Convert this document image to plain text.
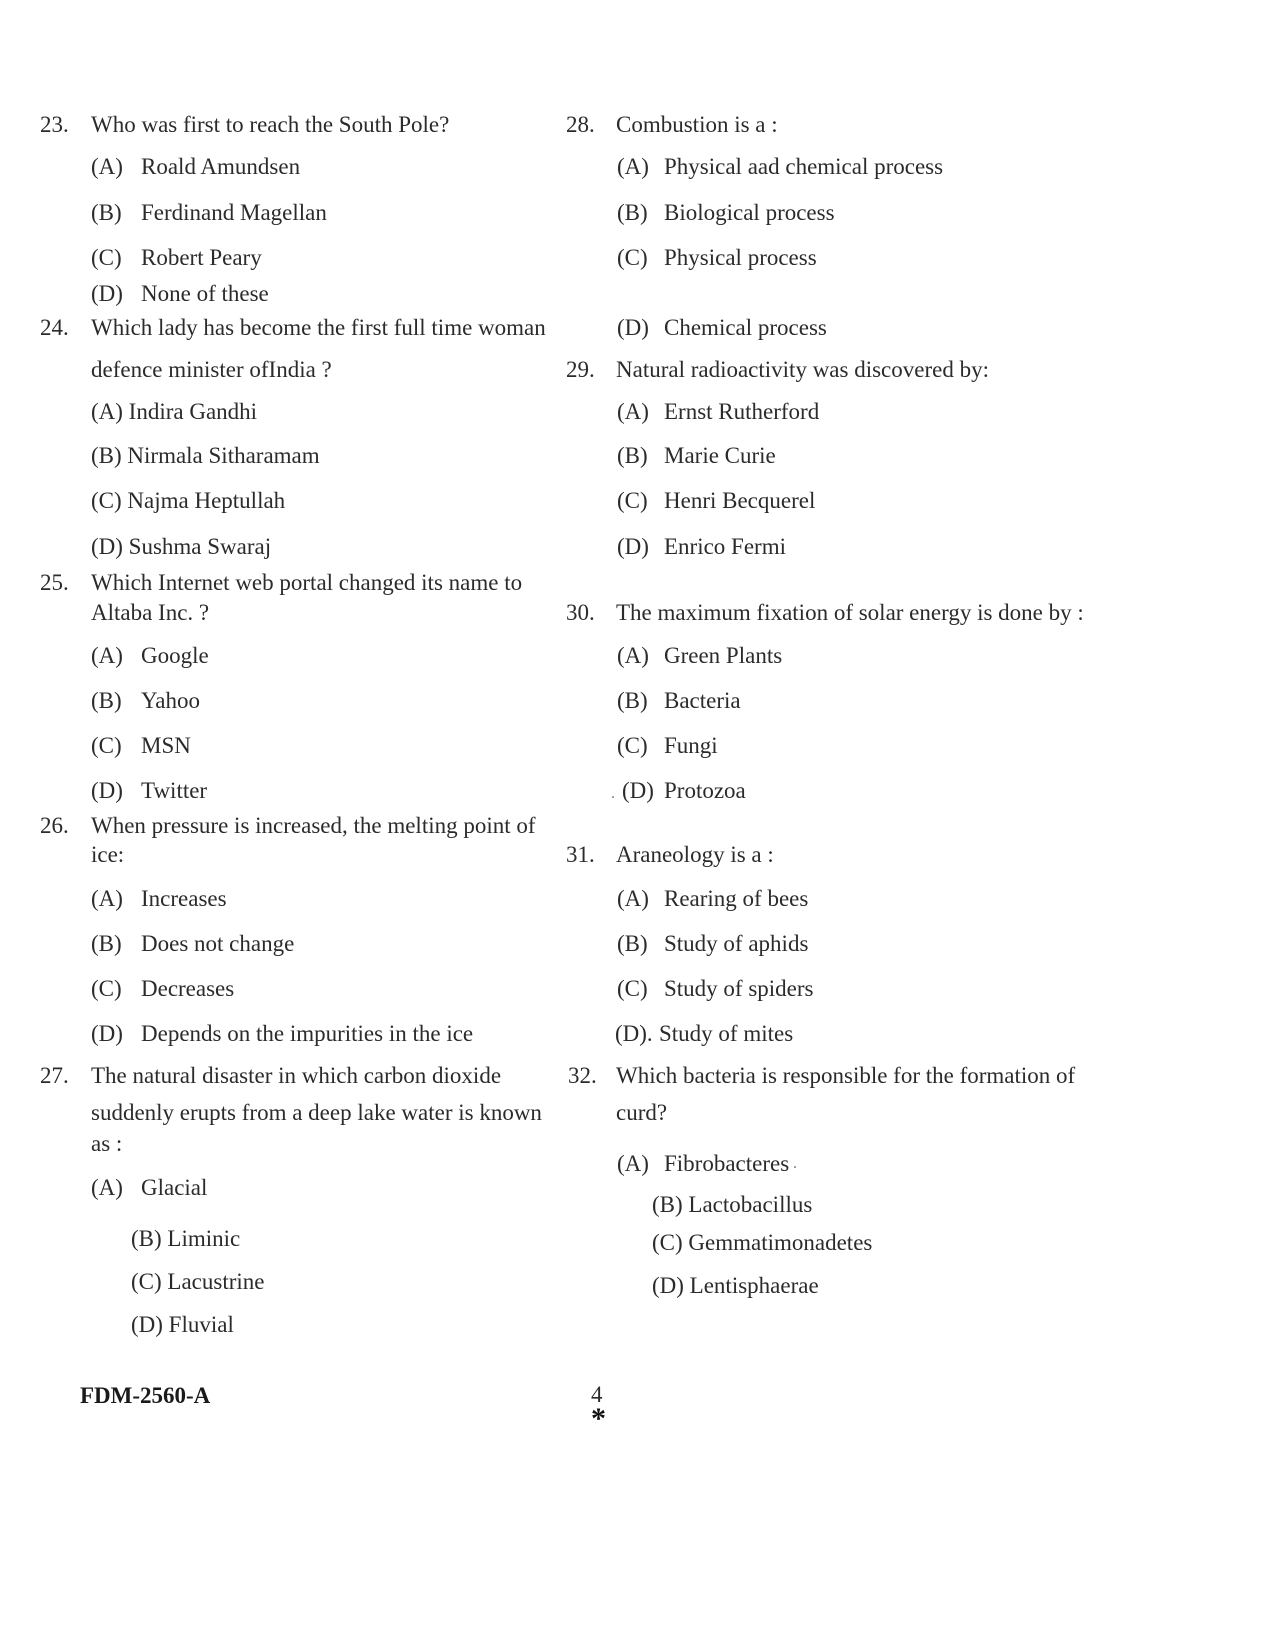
23. Who was first to reach the South Pole?
(A) Roald Amundsen
(B) Ferdinand Magellan
(C) Robert Peary
(D) None of these
24. Which lady has become the first full time woman
defence minister ofIndia ?
(A) Indira Gandhi
(B) Nirmala Sitharamam
(C) Najma Heptullah
(D) Sushma Swaraj
25. Which Internet web portal changed its name to
Altaba Inc. ?
(A) Google
(B) Yahoo
(C) MSN
(D) Twitter
26. When pressure is increased, the melting point of
ice:
(A) Increases
(B) Does not change
(C) Decreases
(D) Depends on the impurities in the ice
27. The natural disaster in which carbon dioxide
suddenly erupts from a deep lake water is known
as :
(A) Glacial
(B) Liminic
(C) Lacustrine
(D) Fluvial
28. Combustion is a :
(A) Physical aad chemical process
(B) Biological process
(C) Physical process
(D) Chemical process
29. Natural radioactivity was discovered by:
(A) Ernst Rutherford
(B) Marie Curie
(C) Henri Becquerel
(D) Enrico Fermi
30. The maximum fixation of solar energy is done by :
(A) Green Plants
(B) Bacteria
(C) Fungi
. (D) Protozoa
31. Araneology is a :
(A) Rearing of bees
(B) Study of aphids
(C) Study of spiders
(D). Study of mites
32. Which bacteria is responsible for the formation of
curd?
(A) Fibrobacteres .
(B) Lactobacillus
(C) Gemmatimonadetes
(D) Lentisphaerae
FDM-2560-A	4
*
